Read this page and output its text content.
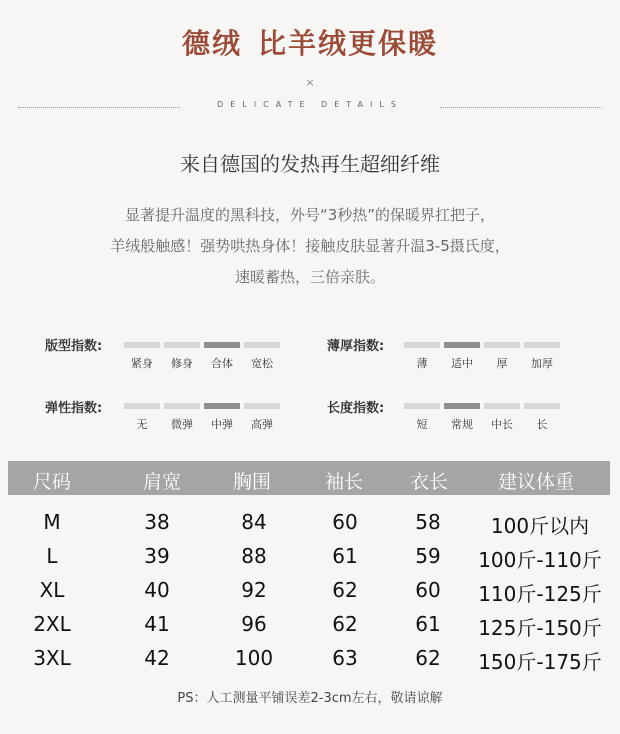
德绒 比羊绒更保暖
×
DELICATE DETAILS
来自德国的发热再生超细纤维
显著提升温度的黑科技，外号“3秒热”的保暖界扛把子，
羊绒般触感！强势哄热身体！接触皮肤显著升温3-5摄氏度，
速暖蓄热，三倍亲肤。
版型指数:
紧身	修身	合体	宽松
薄厚指数:
薄	适中	厚	加厚
弹性指数:
无	微弹	中弹	高弹
长度指数:
短	常规	中长	长
尺码	肩宽	胸围	袖长 衣长	建议体重
M	38	84	60	58	100斤以内
L	39	88	61	59 100斤-110斤
XL	40	92	62	60 110斤-125斤
2XL	41	96	62	61 125斤-150斤
3XL	42	100	63	62 150斤-175斤
PS：人工测量平铺误差2-3cm左右，敬请谅解
